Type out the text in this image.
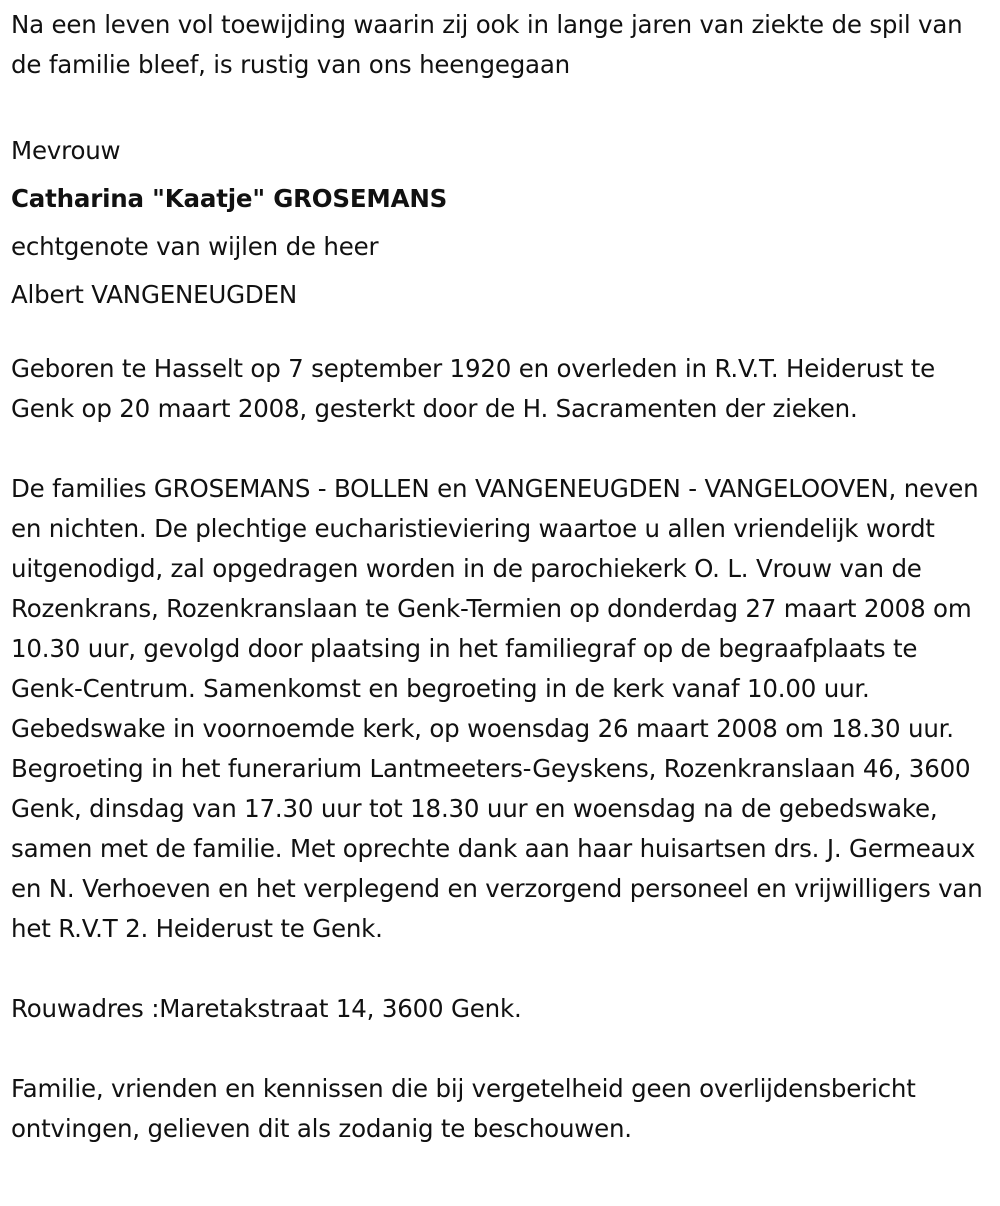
Na een leven vol toewijding waarin zij ook in lange jaren van ziekte de spil van de familie bleef, is rustig van ons heengegaan

Mevrouw

Catharina "Kaatje" GROSEMANS

echtgenote van wijlen de heer

Albert VANGENEUGDEN

Geboren te Hasselt op 7 september 1920 en overleden in R.V.T. Heiderust te Genk op 20 maart 2008, gesterkt door de H. Sacramenten der zieken.

De families GROSEMANS - BOLLEN en VANGENEUGDEN - VANGELOOVEN, neven en nichten. De plechtige eucharistieviering waartoe u allen vriendelijk wordt uitgenodigd, zal opgedragen worden in de parochiekerk O. L. Vrouw van de Rozenkrans, Rozenkranslaan te Genk-Termien op donderdag 27 maart 2008 om 10.30 uur, gevolgd door plaatsing in het familiegraf op de begraafplaats te Genk-Centrum. Samenkomst en begroeting in de kerk vanaf 10.00 uur. Gebedswake in voornoemde kerk, op woensdag 26 maart 2008 om 18.30 uur. Begroeting in het funerarium Lantmeeters-Geyskens, Rozenkranslaan 46, 3600 Genk, dinsdag van 17.30 uur tot 18.30 uur en woensdag na de gebedswake, samen met de familie. Met oprechte dank aan haar huisartsen drs. J. Germeaux en N. Verhoeven en het verplegend en verzorgend personeel en vrijwilligers van het R.V.T 2. Heiderust te Genk.

Rouwadres :Maretakstraat 14, 3600 Genk.

Familie, vrienden en kennissen die bij vergetelheid geen overlijdensbericht ontvingen, gelieven dit als zodanig te beschouwen.
